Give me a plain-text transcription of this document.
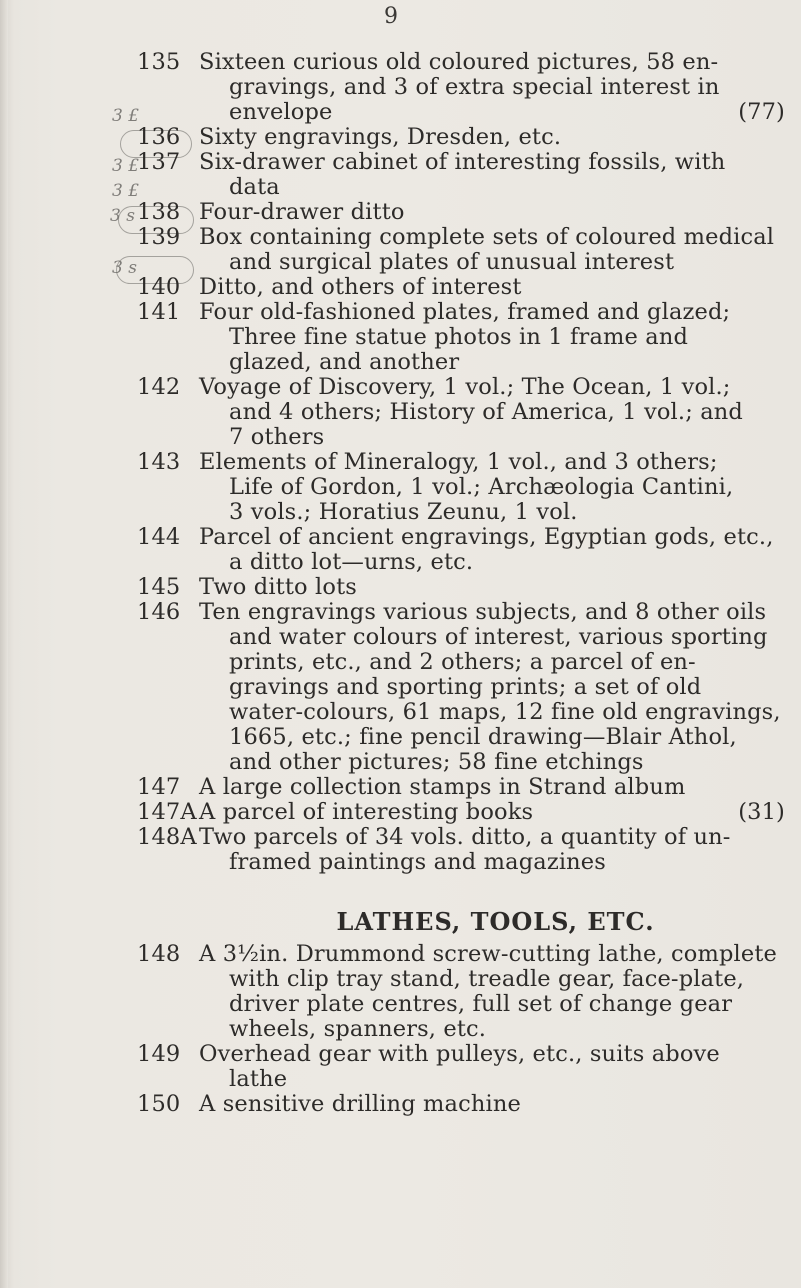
9
3 £
3 £
3 £
3 s
3 s
135 Sixteen curious old coloured pictures, 58 en-
gravings, and 3 of extra special interest in
envelope	(77)
136 Sixty engravings, Dresden, etc.
137 Six-drawer cabinet of interesting fossils, with
data
138 Four-drawer ditto
139 Box containing complete sets of coloured medical
and surgical plates of unusual interest
140 Ditto, and others of interest
141 Four old-fashioned plates, framed and glazed;
Three fine statue photos in 1 frame and
glazed, and another
142 Voyage of Discovery, 1 vol.; The Ocean, 1 vol.;
and 4 others; History of America, 1 vol.; and
7 others
143 Elements of Mineralogy, 1 vol., and 3 others;
Life of Gordon, 1 vol.; Archæologia Cantini,
3 vols.; Horatius Zeunu, 1 vol.
144 Parcel of ancient engravings, Egyptian gods, etc.,
a ditto lot—urns, etc.
145 Two ditto lots
146 Ten engravings various subjects, and 8 other oils
and water colours of interest, various sporting
prints, etc., and 2 others; a parcel of en-
gravings and sporting prints; a set of old
water-colours, 61 maps, 12 fine old engravings,
1665, etc.; fine pencil drawing—Blair Athol,
and other pictures; 58 fine etchings
147 A large collection stamps in Strand album
147A A parcel of interesting books	(31)
148A Two parcels of 34 vols. ditto, a quantity of un-
framed paintings and magazines
LATHES, TOOLS, ETC.
148 A 3½in. Drummond screw-cutting lathe, complete
with clip tray stand, treadle gear, face-plate,
driver plate centres, full set of change gear
wheels, spanners, etc.
149 Overhead gear with pulleys, etc., suits above
lathe
150 A sensitive drilling machine
